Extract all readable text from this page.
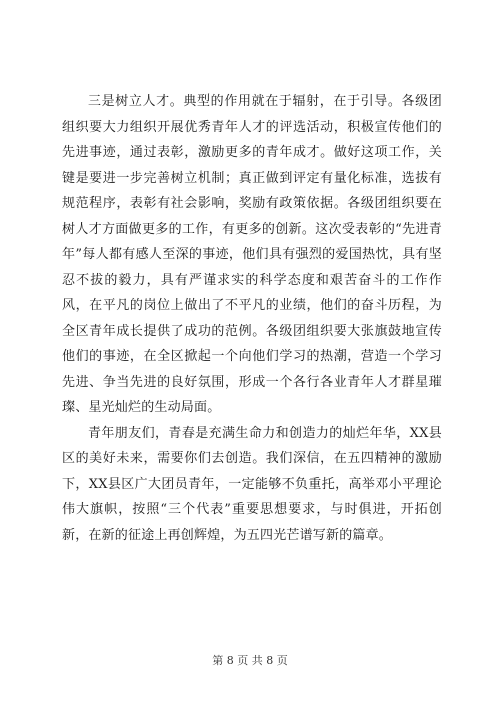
三是树立人才。典型的作用就在于辐射，在于引导。各级团组织要大力组织开展优秀青年人才的评选活动，积极宣传他们的先进事迹，通过表彰，激励更多的青年成才。做好这项工作，关键是要进一步完善树立机制；真正做到评定有量化标准，选拔有规范程序，表彰有社会影响，奖励有政策依据。各级团组织要在树人才方面做更多的工作，有更多的创新。这次受表彰的“先进青年”每人都有感人至深的事迹，他们具有强烈的爱国热忱，具有坚忍不拔的毅力，具有严谨求实的科学态度和艰苦奋斗的工作作风，在平凡的岗位上做出了不平凡的业绩，他们的奋斗历程，为全区青年成长提供了成功的范例。各级团组织要大张旗鼓地宣传他们的事迹，在全区掀起一个向他们学习的热潮，营造一个学习先进、争当先进的良好氛围，形成一个各行各业青年人才群星璀璨、星光灿烂的生动局面。

青年朋友们，青春是充满生命力和创造力的灿烂年华，XX县区的美好未来，需要你们去创造。我们深信，在五四精神的激励下，XX县区广大团员青年，一定能够不负重托，高举邓小平理论伟大旗帜，按照“三个代表”重要思想要求，与时俱进，开拓创新，在新的征途上再创辉煌，为五四光芒谱写新的篇章。

第 8 页 共 8 页
